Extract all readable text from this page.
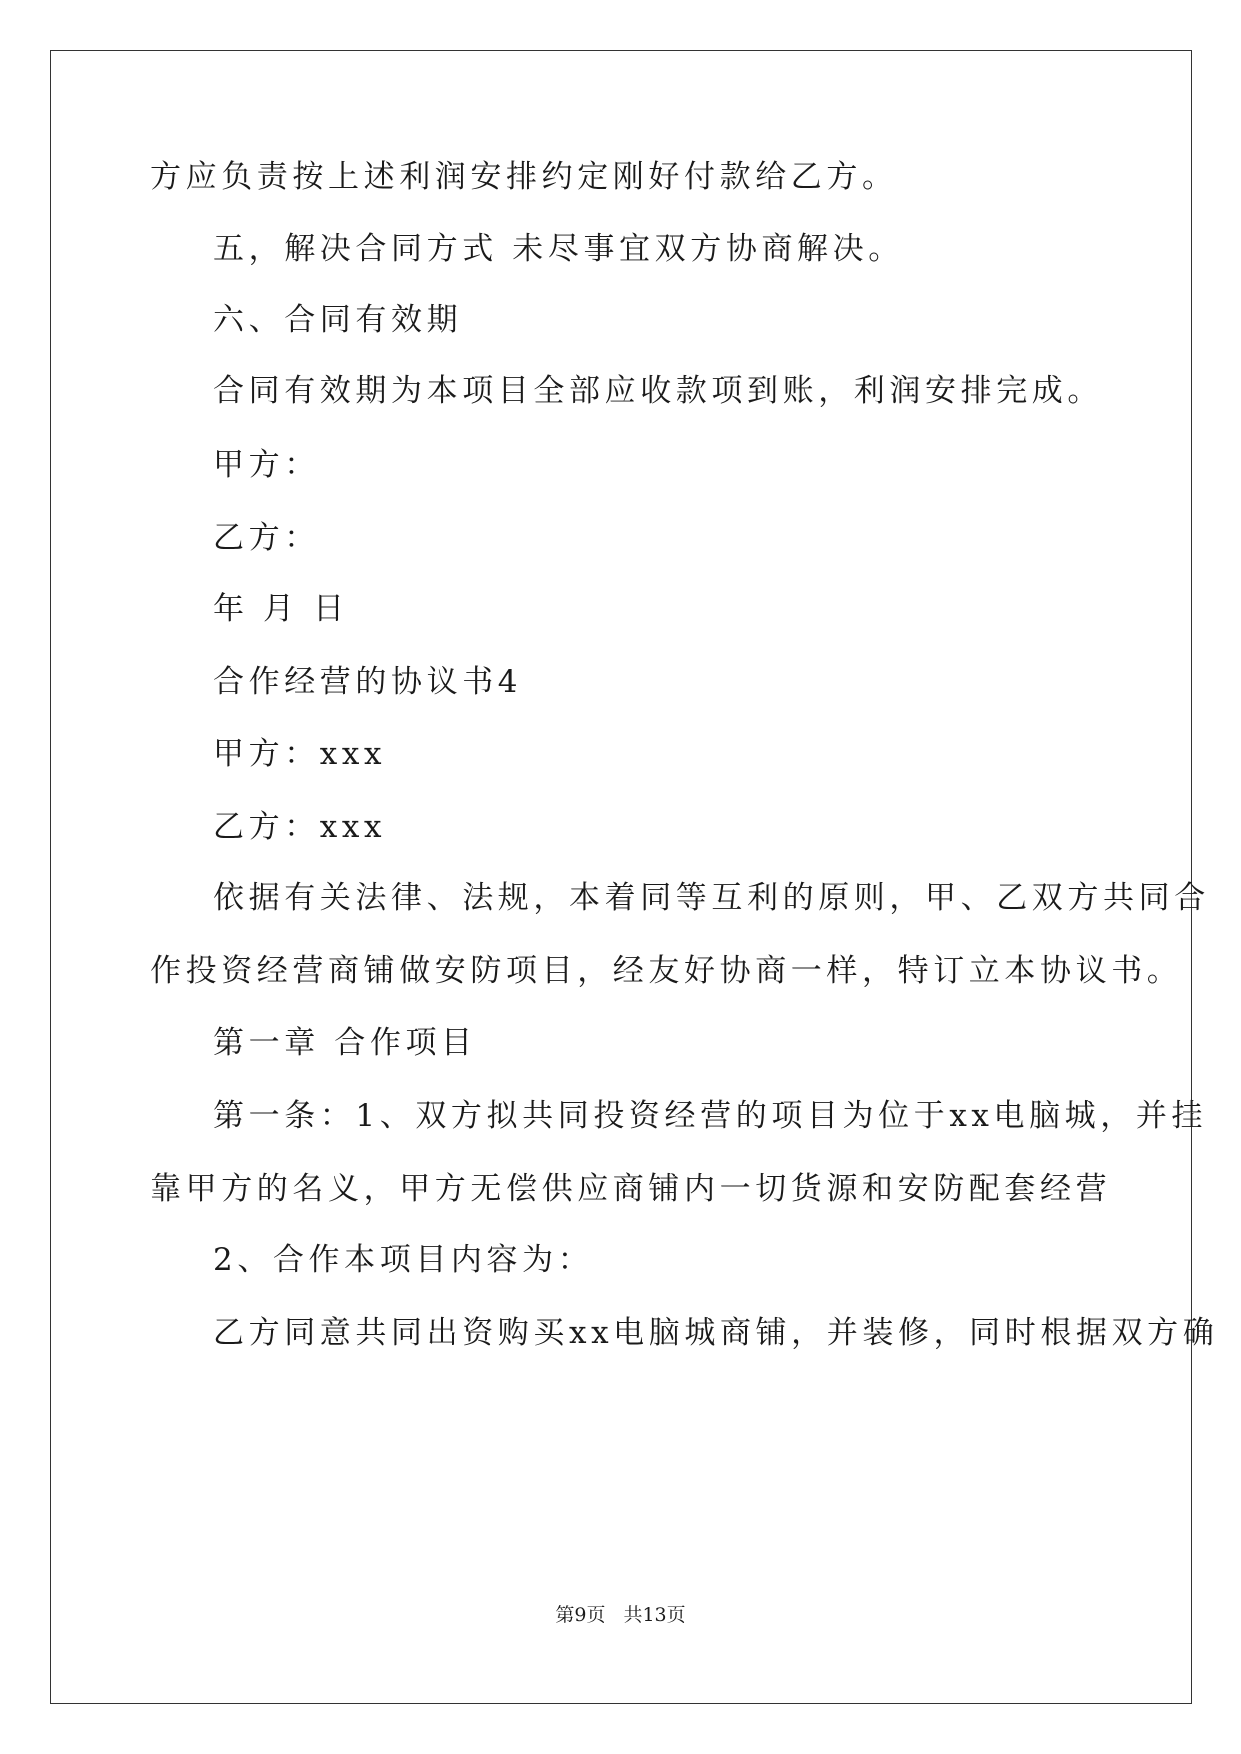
方应负责按上述利润安排约定刚好付款给乙方。
五，解决合同方式 未尽事宜双方协商解决。
六、合同有效期
合同有效期为本项目全部应收款项到账，利润安排完成。
甲方：
乙方：
年 月 日
合作经营的协议书4
甲方：xxx
乙方：xxx
依据有关法律、法规，本着同等互利的原则，甲、乙双方共同合
作投资经营商铺做安防项目，经友好协商一样，特订立本协议书。
第一章 合作项目
第一条：1、双方拟共同投资经营的项目为位于xx电脑城，并挂
靠甲方的名义，甲方无偿供应商铺内一切货源和安防配套经营
2、合作本项目内容为：
乙方同意共同出资购买xx电脑城商铺，并装修，同时根据双方确
第9页 共13页
